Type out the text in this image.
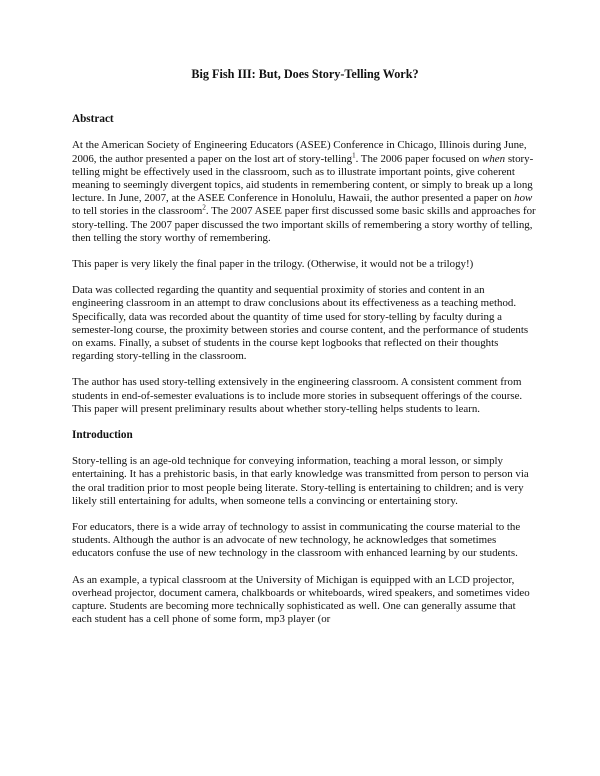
Big Fish III: But, Does Story-Telling Work?
Abstract

At the American Society of Engineering Educators (ASEE) Conference in Chicago, Illinois during June, 2006, the author presented a paper on the lost art of story-telling$^1$. The 2006 paper focused on when story-telling might be effectively used in the classroom, such as to illustrate important points, give coherent meaning to seemingly divergent topics, aid students in remembering content, or simply to break up a long lecture. In June, 2007, at the ASEE Conference in Honolulu, Hawaii, the author presented a paper on how to tell stories in the classroom$^2$. The 2007 ASEE paper first discussed some basic skills and approaches for story-telling. The 2007 paper discussed the two important skills of remembering a story worthy of telling, then telling the story worthy of remembering.

This paper is very likely the final paper in the trilogy. (Otherwise, it would not be a trilogy!)

Data was collected regarding the quantity and sequential proximity of stories and content in an engineering classroom in an attempt to draw conclusions about its effectiveness as a teaching method. Specifically, data was recorded about the quantity of time used for story-telling by faculty during a semester-long course, the proximity between stories and course content, and the performance of students on exams. Finally, a subset of students in the course kept logbooks that reflected on their thoughts regarding story-telling in the classroom.

The author has used story-telling extensively in the engineering classroom. A consistent comment from students in end-of-semester evaluations is to include more stories in subsequent offerings of the course. This paper will present preliminary results about whether story-telling helps students to learn.

Introduction

Story-telling is an age-old technique for conveying information, teaching a moral lesson, or simply entertaining. It has a prehistoric basis, in that early knowledge was transmitted from person to person via the oral tradition prior to most people being literate. Story-telling is entertaining to children; and is very likely still entertaining for adults, when someone tells a convincing or entertaining story.

For educators, there is a wide array of technology to assist in communicating the course material to the students. Although the author is an advocate of new technology, he acknowledges that sometimes educators confuse the use of new technology in the classroom with enhanced learning by our students.

As an example, a typical classroom at the University of Michigan is equipped with an LCD projector, overhead projector, document camera, chalkboards or whiteboards, wired speakers, and sometimes video capture. Students are becoming more technically sophisticated as well. One can generally assume that each student has a cell phone of some form, mp3 player (or
